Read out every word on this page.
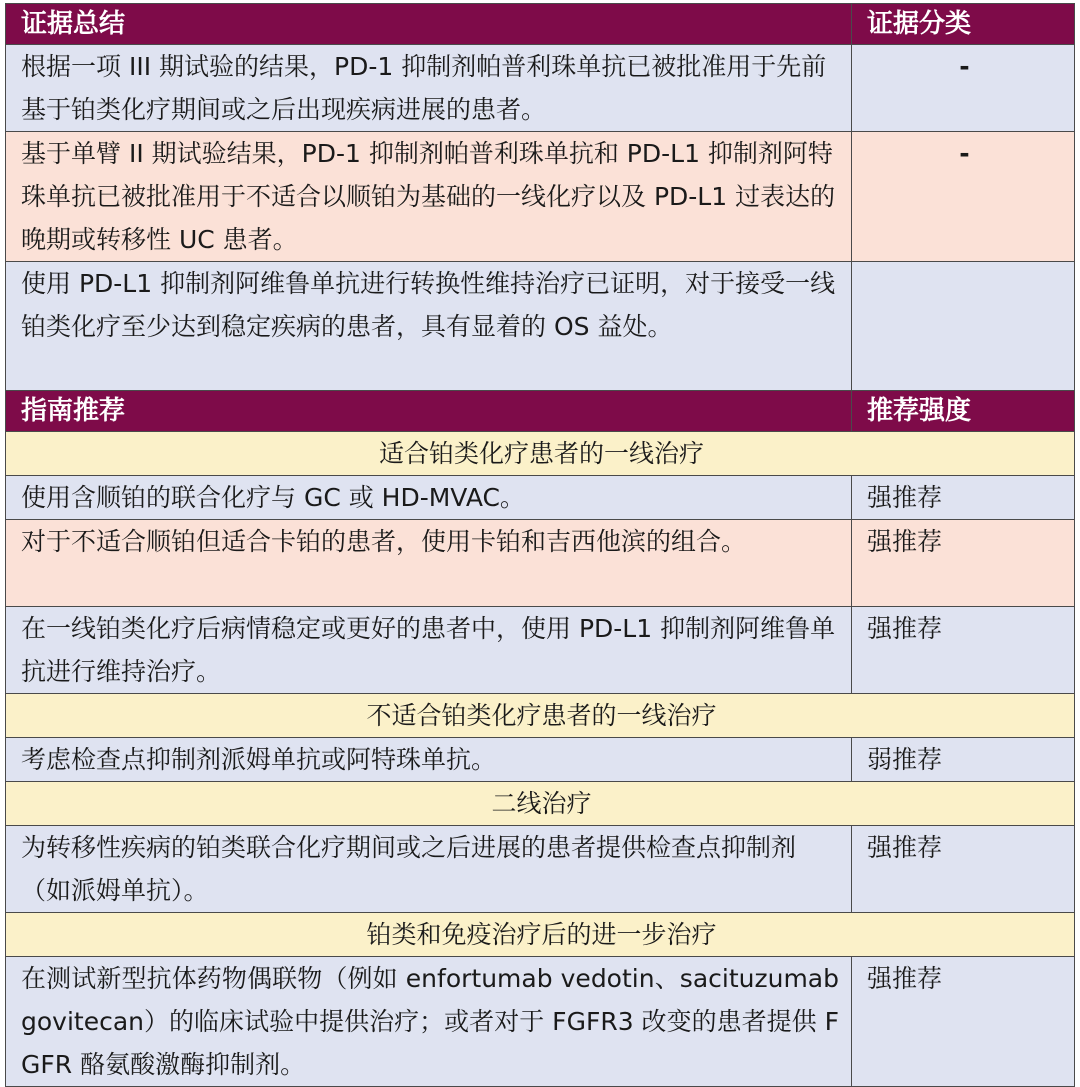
证据总结	证据分类
根据一项 III 期试验的结果，PD-1 抑制剂帕普利珠单抗已被批准用于先前基于铂类化疗期间或之后出现疾病进展的患者。	-
基于单臂 II 期试验结果，PD-1 抑制剂帕普利珠单抗和 PD-L1 抑制剂阿特珠单抗已被批准用于不适合以顺铂为基础的一线化疗以及 PD-L1 过表达的晚期或转移性 UC 患者。	-
使用 PD-L1 抑制剂阿维鲁单抗进行转换性维持治疗已证明，对于接受一线铂类化疗至少达到稳定疾病的患者，具有显着的 OS 益处。	
指南推荐	推荐强度
适合铂类化疗患者的一线治疗	
使用含顺铂的联合化疗与 GC 或 HD-MVAC。	强推荐
对于不适合顺铂但适合卡铂的患者，使用卡铂和吉西他滨的组合。	强推荐
在一线铂类化疗后病情稳定或更好的患者中，使用 PD-L1 抑制剂阿维鲁单抗进行维持治疗。	强推荐
不适合铂类化疗患者的一线治疗	
考虑检查点抑制剂派姆单抗或阿特珠单抗。	弱推荐
二线治疗	
为转移性疾病的铂类联合化疗期间或之后进展的患者提供检查点抑制剂（如派姆单抗）。	强推荐
铂类和免疫治疗后的进一步治疗	
在测试新型抗体药物偶联物（例如 enfortumab vedotin、sacituzumab govitecan）的临床试验中提供治疗；或者对于 FGFR3 改变的患者提供 FGFR 酪氨酸激酶抑制剂。	强推荐
